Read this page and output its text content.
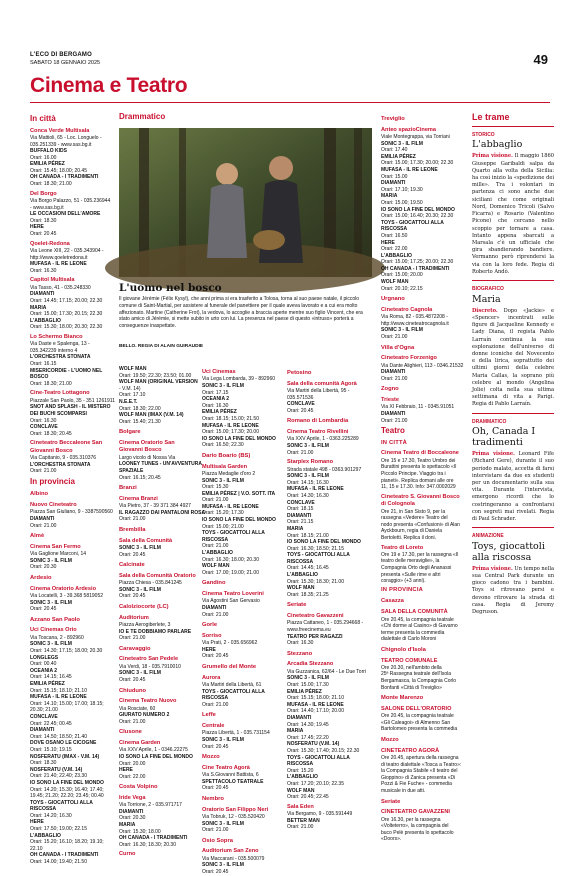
L'ECO DI BERGAMO
SABATO 18 GENNAIO 2025	49
Cinema e Teatro
In città
Conca Verde Multisala
Via Mattioli, 65 - Loc. Longuelo -
035.251339 - www.sas.bg.it
BUFFALO KIDS
Orari: 16.00
EMILIA PÉREZ
Orari: 15.45; 18.00; 20.45
OH CANADA - I TRADIMENTI
Orari: 18.30; 21.00
Del Borgo
Via Borgo Palazzo, 51 - 035.236944
- www.sas.bg.it
LE OCCASIONI DELL'AMORE
Orari: 18.30
HERE
Orari: 20.45
Qoelet-Redona
Via Leone XIII, 22 - 035.343904 -
http://www.qoeletredona.it
MUFASA - IL RE LEONE
Orari: 16.30
Capitol Multisala
Via Tasso, 41 - 035.248330
DIAMANTI
Orari: 14.45; 17.15; 20.00; 22.30
MARIA
Orari: 15.00; 17.30; 20.15; 22.30
L'ABBAGLIO
Orari: 15.30; 18.00; 20.30; 22.30
Lo Schermo Bianco
Via Daste e Spalenga, 13 -
035.342239 interno 4
L'ORCHESTRA STONATA
Orari: 16.15
MISERICORDIE - L'UOMO NEL
BOSCO
Orari: 18.30; 21.00
Cine-Teatro Lottagono
Piazzale San Paolo, 35 - 351 1261911
SNOT AND SPLASH - IL MISTERO
DEI BUCHI SCOMPARSI
Orari: 16.30
CONCLAVE
Orari: 18.30; 20.45
Cineteatro Beccaleone San Giovanni Bosco
Via Capitanio, 9 - 035.310376
L'ORCHESTRA STONATA
Orari: 21.00
In provincia
Albino
Nuovo Cineteatro
Piazza San Giuliano, 9 - 3387590560
DIAMANTI
Orari: 21.00
Almè
Cinema San Fermo
Via Gaglione Marconi, 14
SONIC 3 - IL FILM
Orari: 20.30
Ardesio
Cinema Oratorio Ardesio
Via Locatelli, 3 - 39.368 5819052
SONIC 3 - IL FILM
Orari: 20.45
Azzano San Paolo
Uci Cinemas Orio
Via Toscana, 2 - 892960
SONIC 3 - IL FILM
Orari: 14.30; 17.15; 18.00; 20.30
LONGLEGS
Orari: 00.40
OCEANIA 2
Orari: 14.15; 16.45
EMILIA PÉREZ
Orari: 15.15; 18.10; 21.10
MUFASA - IL RE LEONE
Orari: 14.10; 15.00; 17.00; 18.15;
20.30; 21.00
CONCLAVE
Orari: 22.45; 00.45
DIAMANTI
Orari: 14.50; 18.50; 21.40
DOVE OSANO LE CICOGNE
Orari: 15.10; 19.15
NOSFERATU (IMAX - V.M. 14)
Orari: 18.30
NOSFERATU (V.M. 14)
Orari: 21.40; 22.40; 23.30
IO SONO LA FINE DEL MONDO
Orari: 14.20; 15.30; 16.40; 17.40;
19.45; 21.20; 22.20; 23.45; 00.40
TOYS - GIOCATTOLI ALLA
RISCOSSA
Orari: 14.20; 16.30
HERE
Orari: 17.50; 19.00; 22.15
L'ABBAGLIO
Orari: 15.20; 16.10; 18.20; 19.10;
22.10
OH CANADA - I TRADIMENTI
Orari: 14.00; 19.40; 21.50
Drammatico
L'uomo nel bosco
Il giovane Jérémie (Félix Kysyl), che anni prima si era trasferito a Tolosa, torna al suo paese natale, il piccolo comune di Saint-Martial, per assistere al funerale del panettiere per il quale aveva lavorato e a cui era molto affezionato. Martine (Catherine Frot), la vedova, lo accoglie a braccia aperte mentre suo figlio Vincent, che era stato amico di Jérémie, si mette subito in urto con lui. La presenza nel paese di questo «intruso» porterà a conseguenze inaspettate.
BELLO. REGIA DI ALAIN GUIRAUDIE
WOLF MAN
Orari: 19.50; 22.30; 23.50; 01.00
WOLF MAN (ORIGINAL VERSION
- V.M. 14)
Orari: 17.10
N.E.E.T.
Orari: 18.30; 22.00
WOLF MAN (IMAX (V.M. 14)
Orari: 15.40; 21.30
Bolgare
Cinema Oratorio San Giovanni Bosco
Largo vicolo di Nossa Via
LOONEY TUNES - UN'AVVENTURA
SPAZIALE
Orari: 16.15; 20.45
Branzi
Cinema Branzi
Via Pietro, 37 - 39 371 384 4927
IL RAGAZZO DAI PANTALONI ROSA
Orari: 21.00
Brembilla
Sala della Comunità
SONIC 3 - IL FILM
Orari: 20.45
Calcinate
Sala della Comunità Oratorio
Piazza Chiesa - 035.841245
SONIC 3 - IL FILM
Orari: 20.45
Calolziocorte (LC)
Auditorium
Piazza Aerogiberlete, 3
IO E TE DOBBIAMO PARLARE
Orari: 21.00
Caravaggio
Cineteatro San Pedele
Via Verdi, 18 - 035.7910010
SONIC 3 - IL FILM
Orari: 20.45
Chiuduno
Cinema Teatro Nuovo
Via Rosciate, 60
GIURATO NUMERO 2
Orari: 21.00
Clusone
Cinema Garden
Via XXV Aprile, 1 - 0346.22275
IO SONO LA FINE DEL MONDO
Orari: 20.00
HERE
Orari: 22.00
Costa Volpino
Iride Vega
Via Torrione, 2 - 035.971717
DIAMANTI
Orari: 20.30
MARIA
Orari: 15.30; 18.00
OH CANADA - I TRADIMENTI
Orari: 16.30; 18.30; 20.30
Curno
Uci Cinemas
Via Lega Lombarda, 39 - 892960
SONIC 3 - IL FILM
Orari: 17.15
OCEANIA 2
Orari: 16.30
EMILIA PÉREZ
Orari: 18.15; 15.00; 21.50
MUFASA - IL RE LEONE
Orari: 15.00; 17.30; 20.00
IO SONO LA FINE DEL MONDO
Orari: 16.50; 22.30
Dario Boario (BS)
Multisala Garden
Piazza Medaglie d'oro 2
SONIC 3 - IL FILM
Orari: 15.30
EMILIA PÉREZ | V.O. SOTT. ITA
Orari: 21.00
MUFASA - IL RE LEONE
Orari: 15.20; 17.30
IO SONO LA FINE DEL MONDO
Orari: 15.00; 21.00
TOYS - GIOCATTOLI ALLA
RISCOSSA
Orari: 21.00
L'ABBAGLIO
Orari: 16.30; 18.00; 20.30
WOLF MAN
Orari: 17.00; 19.00; 21.00
Gandino
Cinema Teatro Loverini
Via Agostini San Gervasio
DIAMANTI
Orari: 21.00
Gorle
Sorriso
Via Prati, 2 - 035.656962
HERE
Orari: 20.45
Grumello del Monte
Aurora
Via Martiri della Libertà, 61
TOYS - GIOCATTOLI ALLA
RISCOSSA
Orari: 21.00
Leffe
Centrale
Piazza Libertà, 1 - 035.731154
SONIC 3 - IL FILM
Orari: 20.45
Mozzo
Cine Teatro Agorà
Via S.Giovanni Battista, 6
SPETTACOLO TEATRALE
Orari: 20.45
Nembro
Oratorio San Filippo Neri
Via Tobruk, 12 - 035.520420
SONIC 3 - IL FILM
Orari: 21.00
Osio Sopra
Auditorium San Zeno
Via Maccarani - 035.500079
SONIC 3 - IL FILM
Orari: 20.45
Petosino
Sala della comunità Agorà
Via Martiri della Libertà, 95 -
035.571536
CONCLAVE
Orari: 20.45
Romano di Lombardia
Cinema Teatro Rivellini
Via XXV Aprile, 1 - 0363.225289
SONIC 3 - IL FILM
Orari: 21.00
Starplex Romano
Strada statale 498 - 0363.901297
SONIC 3 - IL FILM
Orari: 14.15; 16.30
MUFASA - IL RE LEONE
Orari: 14.30; 16.30
CONCLAVE
Orari: 18.15
DIAMANTI
Orari: 21.15
MARIA
Orari: 18.15; 21.00
IO SONO LA FINE DEL MONDO
Orari: 16.30; 18.50; 21.15
TOYS - GIOCATTOLI ALLA
RISCOSSA
Orari: 14.45; 16.45
L'ABBAGLIO
Orari: 15.30; 18.30; 21.00
WOLF MAN
Orari: 18.35; 21.25
Seriate
Cineteatro Gavazzeni
Piazza Cattaneo, 1 - 035.294668 -
www.freecinema.eu
TEATRO PER RAGAZZI
Orari: 16.30
Stezzano
Arcadia Stezzano
Via Guzzanica, 62/64 - Le Due Torri
SONIC 3 - IL FILM
Orari: 15.00; 17.30
EMILIA PÉREZ
Orari: 15.15; 18.00; 21.10
MUFASA - IL RE LEONE
Orari: 14.40; 17.10; 20.00
DIAMANTI
Orari: 14.30; 19.45
MARIA
Orari: 17.45; 22.20
NOSFERATU (V.M. 14)
Orari: 15.30; 17.40; 20.15; 22.30
TOYS - GIOCATTOLI ALLA
RISCOSSA
Orari: 15.20
L'ABBAGLIO
Orari: 17.20; 20.10; 22.35
WOLF MAN
Orari: 20.45; 22.45
Sala Eden
Via Bergamo, 9 - 035.591449
BETTER MAN
Orari: 21.00
Treviglio
Anteo spazioCinema
Viale Montegrappa, via Torriani
SONIC 3 - IL FILM
Orari: 17.40
EMILIA PÉREZ
Orari: 15.00; 17.30; 20.00; 22.30
MUFASA - IL RE LEONE
Orari: 15.00
DIAMANTI
Orari: 17.10; 19.30
MARIA
Orari: 15.00; 19.50
IO SONO LA FINE DEL MONDO
Orari: 15.00; 16.40; 20.30; 22.30
TOYS - GIOCATTOLI ALLA
RISCOSSA
Orari: 16.50
HERE
Orari: 22.00
L'ABBAGLIO
Orari: 15.00; 17.25; 20.00; 22.30
OH CANADA - I TRADIMENTI
Orari: 15.00; 20.00
WOLF MAN
Orari: 20.10; 22.15
Urgnano
Cineteatro Cagnola
Via Roma, 82 - 035.4872208 -
http://www.cineteatrocagnola.it
SONIC 3 - IL FILM
Orari: 21.00
Villa d'Ogna
Cineteatro Forzenigo
Via Dante Alighieri, 113 - 0346.21532
DIAMANTI
Orari: 21.00
Zogno
Trieste
Via XI Febbraio, 11 - 0345.91051
DIAMANTI
Orari: 21.00
Teatro
IN CITTÀ
Cinema Teatro di Boccaleone
Ore 15 e 17.30, Teatro Umbro dei
Burattini presenta lo spettacolo «Il
Piccolo Principe. Viaggio tra i
pianeti». Replica domani alle ore
11, 15 e 17.30. Info: 347.0002029
Cineteatro S. Giovanni Bosco di Colognola
Ore 21, in San Sisto 9, per la
rassegna «Vedere» Teatro del
nodo presenta «Confusioni» di Alan
Ayckbourn, regia di Daniela
Bertoletti. Replica il doni.
Teatro di Loreto
Ore 19 e 17.30, per la rassegna «Il
teatro delle meraviglie», la
Compagnia Orto degli Ananassi
presenta «Sulle rime e altri
coraggio» (+3 anni).
IN PROVINCIA
Casazza
SALA DELLA COMUNITÀ
Ore 20.45, la compagnia teatrale
«Chi dorme al Casino» di Gavarno
terme presenta la commedia
dialettale di Carlo Moroni
Chignolo d'Isola
TEATRO COMUNALE
Ore 20.30, nell'ambito della
25ª Rassegna teatrale dell'Isola
Bergamasca, la Compagnia Corlo
Bonfanti «Città di Treviglio»
Monte Marenzo
SALONE DELL'ORATORIO
Ore 20.45, la compagnia teatrale
«Gli Caleagoi» di Almenno San
Bartolomeo presenta la commedia
Mozzo
CINETEATRO AGORÀ
Ore 20.45, apertura della rassegna
di teatro dialettale «Tosca a Teatro»:
la Compagnia Stabile «Il teatro del
Gioppino» di Zanica presenta «Di
Pozzi & Fie Fuche» - commedia
musicale in due atti.
Seriate
CINETEATRO GAVAZZENI
Ore 16.30, per la rassegna
«Volteterro», la compagnia del
buco Pelè presenta lo spettacolo
«Doors».
Le trame
STORICO
L'abbaglio
Prima visione. Il maggio 1860 Giuseppe Garibaldi salpa da Quarto alla volta della Sicilia: ha così inizio la «spedizione dei mille». Tra i volontari in partenza ci sono anche due siciliani che come originali Nord, Domenico Tricoli (Salvo Ficarra) e Rosario (Valentino Picone) che cercano nello scoppio per tornare a casa. Intanto appena sbarcati a Marsala c'è un ufficiale che gira sbandierando bandiere. Vermanno però riprendersi la via con la loro fede. Regia di Roberto Andò.
BIOGRAFICO
Maria
Discreto. Dopo «Jackie» e «Spencer» incentrati sulle figure di Jacqueline Kennedy e Lady Diana, il regista Pablo Larraín continua la sua esplorazione dell'universo di donne iconiche del Novecento e della lirica, soprattutto dei ultimi giorni della celebre Maria Callas, la soprano più celebre al mondo (Angelina Jolie) colta nella sua ultima settimana di vita a Parigi. Regia di Pablo Larraín.
DRAMMATICO
Oh, Canada I tradimenti
Prima visione. Leonard Fife (Richard Gere), durante il suo periodo malato, accetta di farsi intervistare da due ex studenti per un documentario sulla sua vita. Durante l'intervista, emergono ricordi che lo costringeranno a confrontarsi con segreti mai rivelati. Regia di Paul Schrader.
ANIMAZIONE
Toys, giocattoli alla riscossa
Prima visione. Un tempo nella sua Central Park durante un gioco cadono tra i bambini. Toys si ritrovano persi e devono ritrovare la strada di casa. Regia di Jeremy Degruson.
